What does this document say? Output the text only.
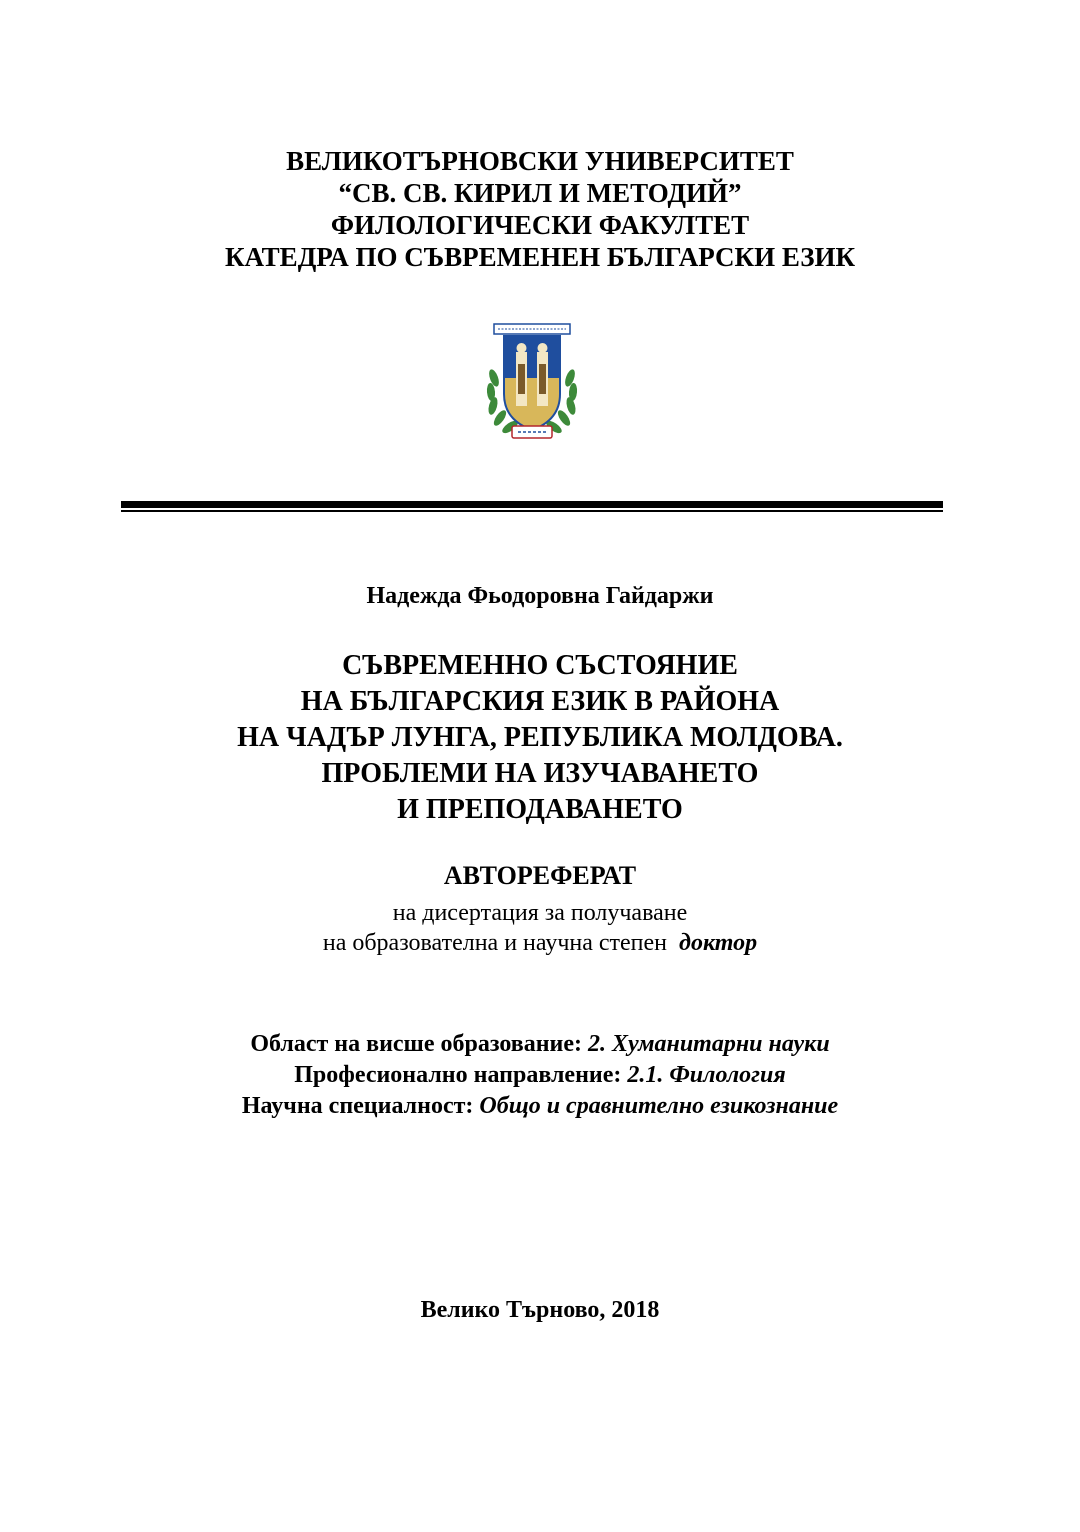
ВЕЛИКОТЪРНОВСКИ УНИВЕРСИТЕТ
“СВ. СВ. КИРИЛ И МЕТОДИЙ”
ФИЛОЛОГИЧЕСКИ ФАКУЛТЕТ
КАТЕДРА ПО СЪВРЕМЕНЕН БЪЛГАРСКИ ЕЗИК
Надежда Фьодоровна Гайдаржи
СЪВРЕМЕННО СЪСТОЯНИЕ
НА БЪЛГАРСКИЯ ЕЗИК В РАЙОНА
НА ЧАДЪР ЛУНГА, РЕПУБЛИКА МОЛДОВА.
ПРОБЛЕМИ НА ИЗУЧАВАНЕТО
И ПРЕПОДАВАНЕТО
АВТОРЕФЕРАТ
на дисертация за получаване
на образователна и научна степен  доктор
Област на висше образование: 2. Хуманитарни науки
Професионално направление: 2.1. Филология
Научна специалност: Общо и сравнително езикознание
Велико Търново, 2018
